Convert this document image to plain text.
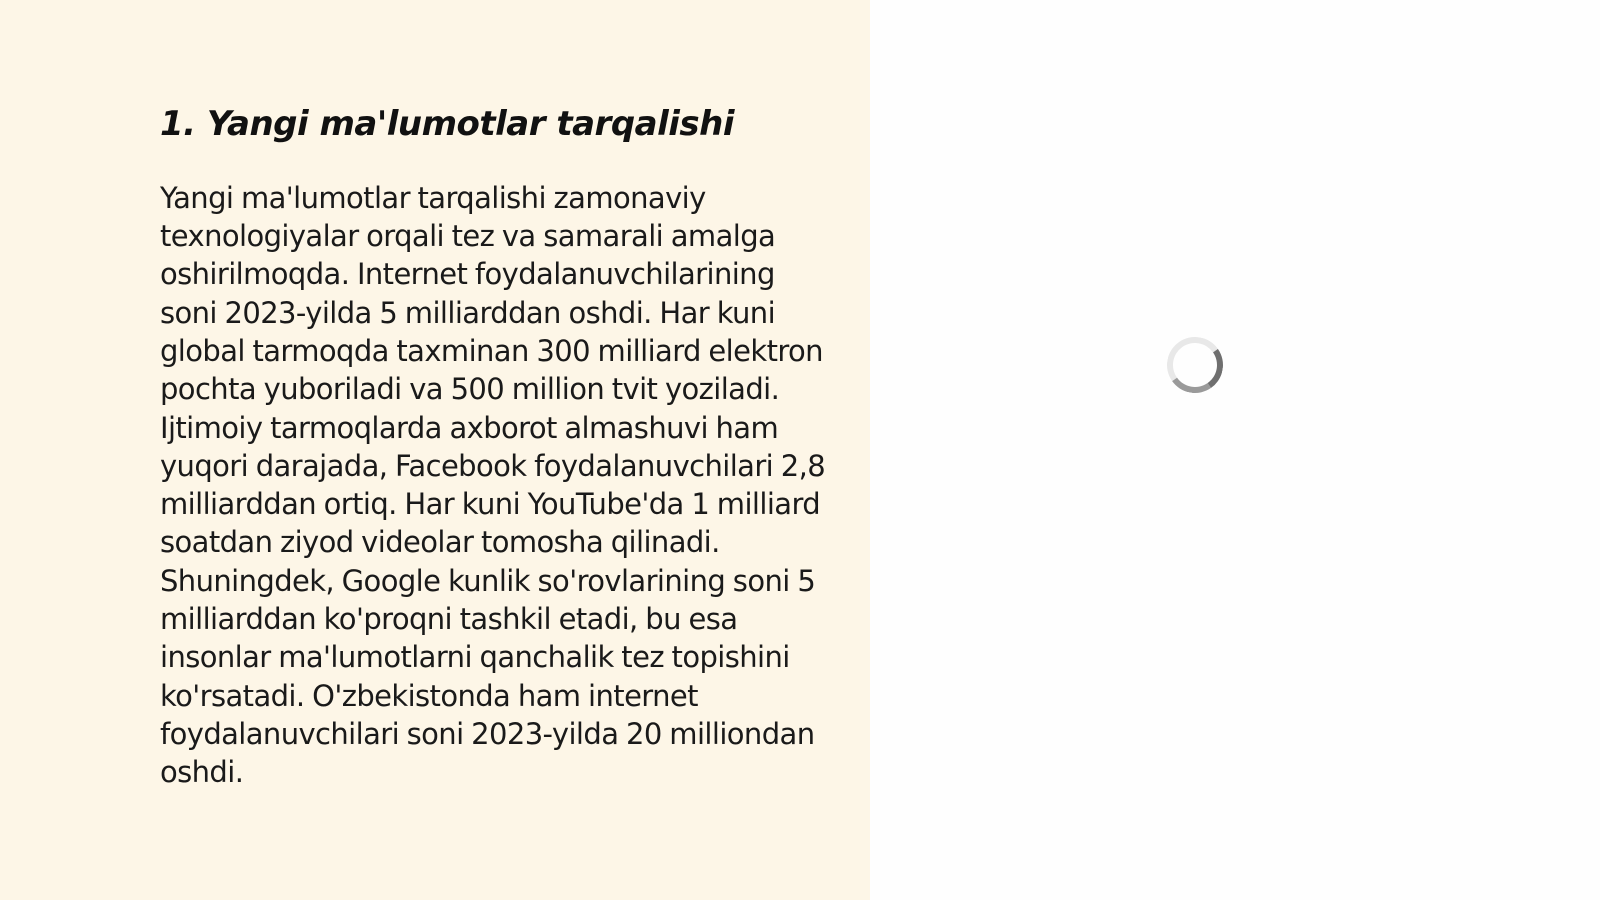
1. Yangi ma'lumotlar tarqalishi

Yangi ma'lumotlar tarqalishi zamonaviy texnologiyalar orqali tez va samarali amalga oshirilmoqda. Internet foydalanuvchilarining soni 2023-yilda 5 milliarddan oshdi. Har kuni global tarmoqda taxminan 300 milliard elektron pochta yuboriladi va 500 million tvit yoziladi. Ijtimoiy tarmoqlarda axborot almashuvi ham yuqori darajada, Facebook foydalanuvchilari 2,8 milliarddan ortiq. Har kuni YouTube'da 1 milliard soatdan ziyod videolar tomosha qilinadi. Shuningdek, Google kunlik so'rovlarining soni 5 milliarddan ko'proqni tashkil etadi, bu esa insonlar ma'lumotlarni qanchalik tez topishini ko'rsatadi. O'zbekistonda ham internet foydalanuvchilari soni 2023-yilda 20 milliondan oshdi.
